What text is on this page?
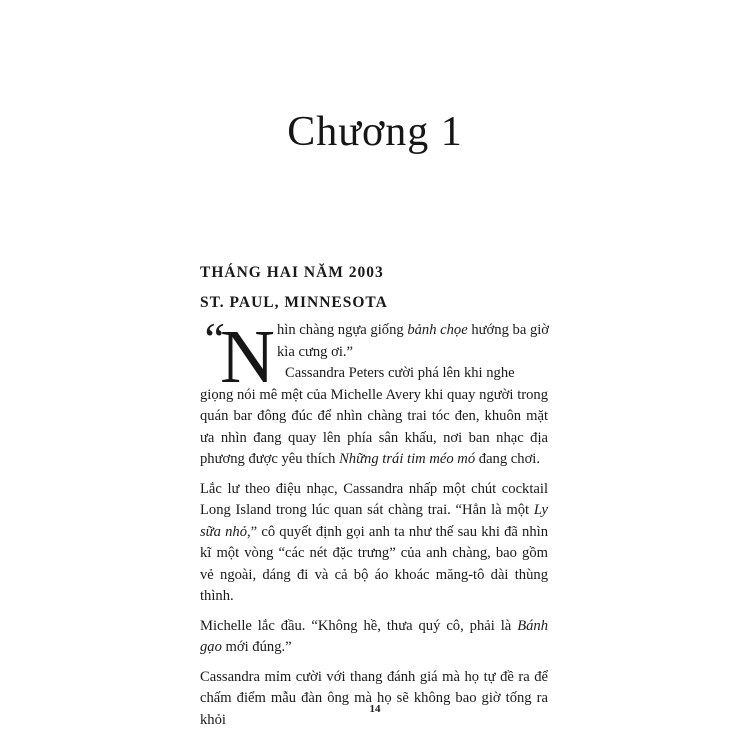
Chương 1
THÁNG HAI NĂM 2003
ST. PAUL, MINNESOTA
“
N hìn chàng ngựa giống bảnh chọe hướng ba giờ
kìa cưng ơi.”
Cassandra Peters cười phá lên khi nghe

giọng nói mê mệt của Michelle Avery khi quay người trong quán bar đông đúc để nhìn chàng trai tóc đen, khuôn mặt ưa nhìn đang quay lên phía sân khấu, nơi ban nhạc địa phương được yêu thích Những trái tim méo mó đang chơi.

Lắc lư theo điệu nhạc, Cassandra nhấp một chút cocktail Long Island trong lúc quan sát chàng trai. “Hẳn là một Ly sữa nhỏ,” cô quyết định gọi anh ta như thế sau khi đã nhìn kĩ một vòng “các nét đặc trưng” của anh chàng, bao gồm vẻ ngoài, dáng đi và cả bộ áo khoác măng-tô dài thùng thình.

Michelle lắc đầu. “Không hề, thưa quý cô, phải là Bánh gạo mới đúng.”

Cassandra mỉm cười với thang đánh giá mà họ tự đề ra để chấm điểm mẫu đàn ông mà họ sẽ không bao giờ tống ra khỏi

14
